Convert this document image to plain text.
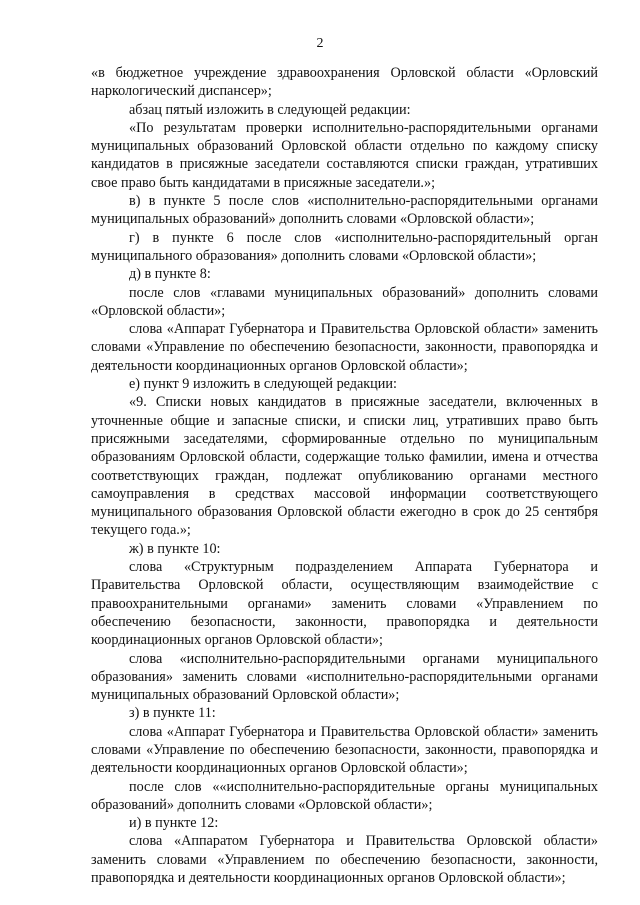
2

«в бюджетное учреждение здравоохранения Орловской области «Орловский наркологический диспансер»;

абзац пятый изложить в следующей редакции:

«По результатам проверки исполнительно-распорядительными органами муниципальных образований Орловской области отдельно по каждому списку кандидатов в присяжные заседатели составляются списки граждан, утративших свое право быть кандидатами в присяжные заседатели.»;

в) в пункте 5 после слов «исполнительно-распорядительными органами муниципальных образований» дополнить словами «Орловской области»;

г) в пункте 6 после слов «исполнительно-распорядительный орган муниципального образования» дополнить словами «Орловской области»;

д) в пункте 8:

после слов «главами муниципальных образований» дополнить словами «Орловской области»;

слова «Аппарат Губернатора и Правительства Орловской области» заменить словами «Управление по обеспечению безопасности, законности, правопорядка и деятельности координационных органов Орловской области»;

е) пункт 9 изложить в следующей редакции:

«9. Списки новых кандидатов в присяжные заседатели, включенных в уточненные общие и запасные списки, и списки лиц, утративших право быть присяжными заседателями, сформированные отдельно по муниципальным образованиям Орловской области, содержащие только фамилии, имена и отчества соответствующих граждан, подлежат опубликованию органами местного самоуправления в средствах массовой информации соответствующего муниципального образования Орловской области ежегодно в срок до 25 сентября текущего года.»;

ж) в пункте 10:

слова «Структурным подразделением Аппарата Губернатора и Правительства Орловской области, осуществляющим взаимодействие с правоохранительными органами» заменить словами «Управлением по обеспечению безопасности, законности, правопорядка и деятельности координационных органов Орловской области»;

слова «исполнительно-распорядительными органами муниципального образования» заменить словами «исполнительно-распорядительными органами муниципальных образований Орловской области»;

з) в пункте 11:

слова «Аппарат Губернатора и Правительства Орловской области» заменить словами «Управление по обеспечению безопасности, законности, правопорядка и деятельности координационных органов Орловской области»;

после слов ««исполнительно-распорядительные органы муниципальных образований» дополнить словами «Орловской области»;

и) в пункте 12:

слова «Аппаратом Губернатора и Правительства Орловской области» заменить словами «Управлением по обеспечению безопасности, законности, правопорядка и деятельности координационных органов Орловской области»;
